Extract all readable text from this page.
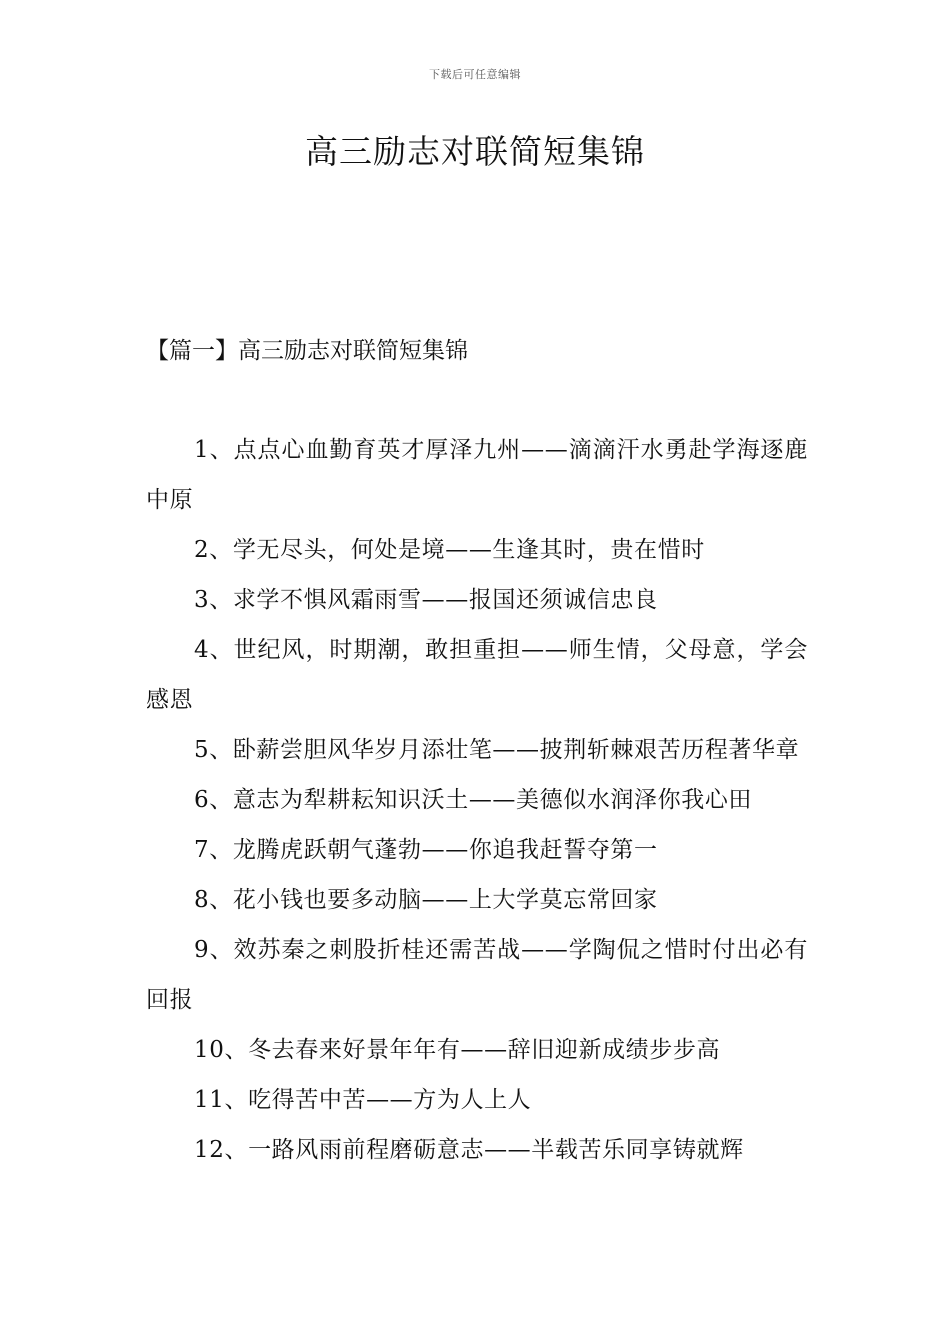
下载后可任意编辑
高三励志对联简短集锦
【篇一】高三励志对联简短集锦
1、点点心血勤育英才厚泽九州——滴滴汗水勇赴学海逐鹿中原
2、学无尽头，何处是境——生逢其时，贵在惜时
3、求学不惧风霜雨雪——报国还须诚信忠良
4、世纪风，时期潮，敢担重担——师生情，父母意，学会感恩
5、卧薪尝胆风华岁月添壮笔——披荆斩棘艰苦历程著华章
6、意志为犁耕耘知识沃土——美德似水润泽你我心田
7、龙腾虎跃朝气蓬勃——你追我赶誓夺第一
8、花小钱也要多动脑——上大学莫忘常回家
9、效苏秦之刺股折桂还需苦战——学陶侃之惜时付出必有回报
10、冬去春来好景年年有——辞旧迎新成绩步步高
11、吃得苦中苦——方为人上人
12、一路风雨前程磨砺意志——半载苦乐同享铸就辉
